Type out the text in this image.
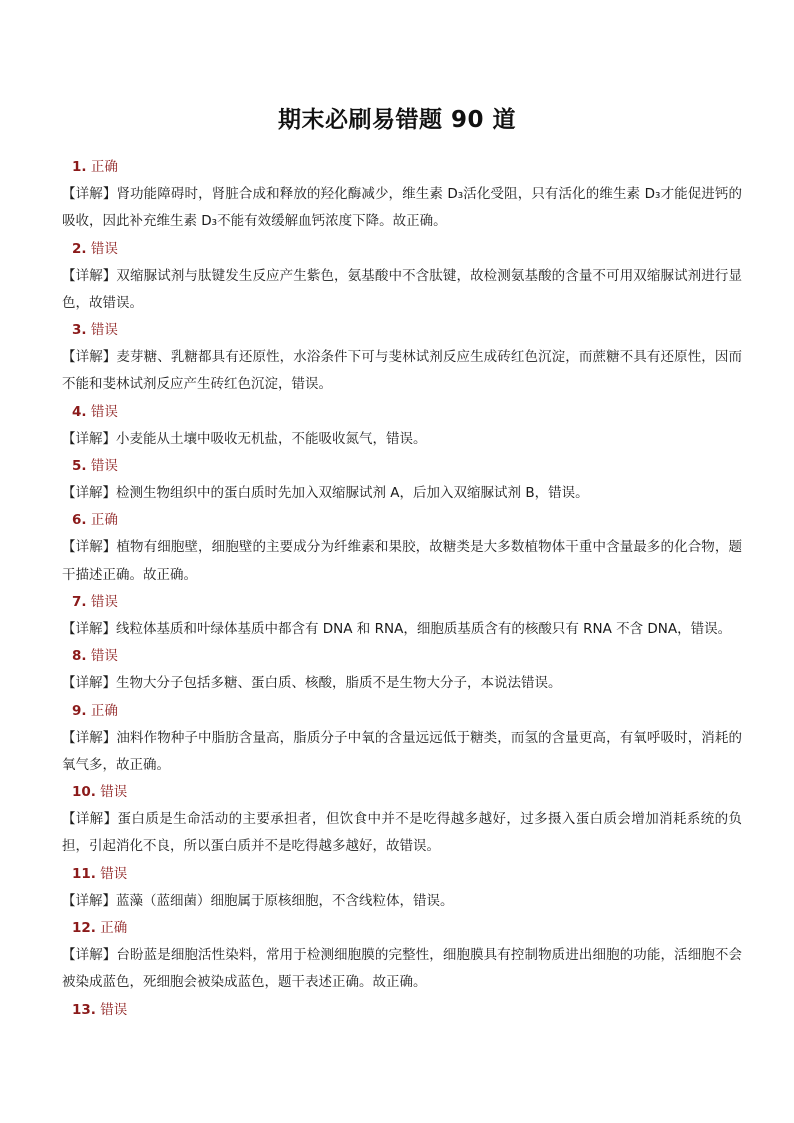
期末必刷易错题 90 道
1. 正确
【详解】肾功能障碍时，肾脏合成和释放的羟化酶减少，维生素 D₃活化受阻，只有活化的维生素 D₃才能促进钙的吸收，因此补充维生素 D₃不能有效缓解血钙浓度下降。故正确。
2. 错误
【详解】双缩脲试剂与肽键发生反应产生紫色，氨基酸中不含肽键，故检测氨基酸的含量不可用双缩脲试剂进行显色，故错误。
3. 错误
【详解】麦芽糖、乳糖都具有还原性，水浴条件下可与斐林试剂反应生成砖红色沉淀，而蔗糖不具有还原性，因而不能和斐林试剂反应产生砖红色沉淀，错误。
4. 错误
【详解】小麦能从土壤中吸收无机盐，不能吸收氮气，错误。
5. 错误
【详解】检测生物组织中的蛋白质时先加入双缩脲试剂 A，后加入双缩脲试剂 B，错误。
6. 正确
【详解】植物有细胞壁，细胞壁的主要成分为纤维素和果胶，故糖类是大多数植物体干重中含量最多的化合物，题干描述正确。故正确。
7. 错误
【详解】线粒体基质和叶绿体基质中都含有 DNA 和 RNA，细胞质基质含有的核酸只有 RNA 不含 DNA，错误。
8. 错误
【详解】生物大分子包括多糖、蛋白质、核酸，脂质不是生物大分子，本说法错误。
9. 正确
【详解】油料作物种子中脂肪含量高，脂质分子中氧的含量远远低于糖类，而氢的含量更高，有氧呼吸时，消耗的氧气多，故正确。
10. 错误
【详解】蛋白质是生命活动的主要承担者，但饮食中并不是吃得越多越好，过多摄入蛋白质会增加消耗系统的负担，引起消化不良，所以蛋白质并不是吃得越多越好，故错误。
11. 错误
【详解】蓝藻（蓝细菌）细胞属于原核细胞，不含线粒体，错误。
12. 正确
【详解】台盼蓝是细胞活性染料，常用于检测细胞膜的完整性，细胞膜具有控制物质进出细胞的功能，活细胞不会被染成蓝色，死细胞会被染成蓝色，题干表述正确。故正确。
13. 错误
